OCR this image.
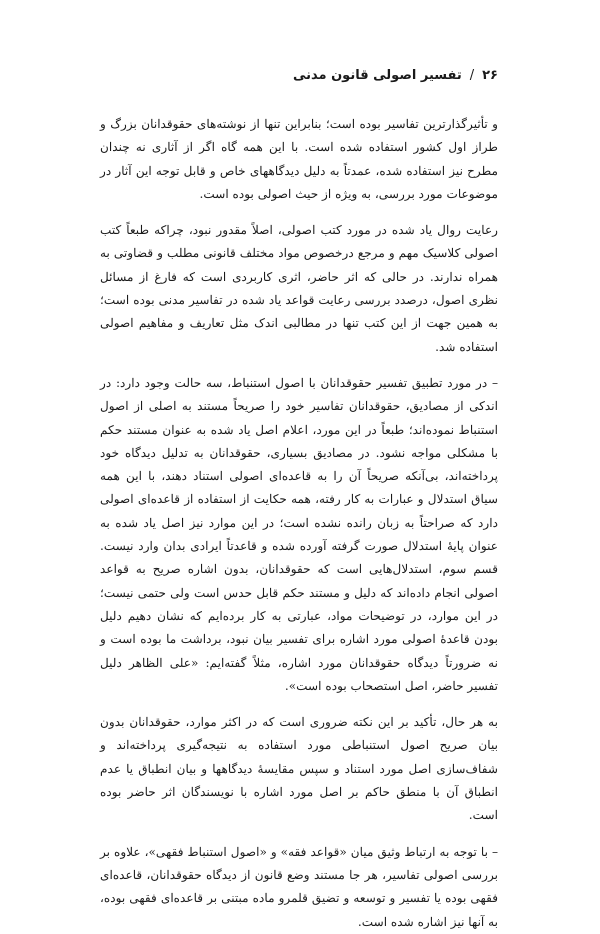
۲۶
/
تفسیر اصولی قانون مدنی

و تأثیرگذارترین تفاسیر بوده است؛ بنابراین تنها از نوشته‌های حقوقدانان بزرگ و طراز اول کشور استفاده شده است. با این همه گاه اگر از آثاری نه چندان مطرح نیز استفاده شده، عمدتاً به دلیل دیدگاههای خاص و قابل توجه این آثار در موضوعات مورد بررسی، به ویژه از حیث اصولی بوده است.

رعایت روال یاد شده در مورد کتب اصولی، اصلاً مقدور نبود، چراکه طبعاً کتب اصولی کلاسیک مهم و مرجع درخصوص مواد مختلف قانونی مطلب و قضاوتی به همراه ندارند. در حالی که اثر حاضر، اثری کاربردی است که فارغ از مسائل نظری اصول، درصدد بررسی رعایت قواعد یاد شده در تفاسیر مدنی بوده است؛ به همین جهت از این کتب تنها در مطالبی اندک مثل تعاریف و مفاهیم اصولی استفاده شد.

– در مورد تطبیق تفسیر حقوقدانان با اصول استنباط، سه حالت وجود دارد: در اندکی از مصادیق، حقوقدانان تفاسیر خود را صریحاً مستند به اصلی از اصول استنباط نموده‌اند؛ طبعاً در این مورد، اعلام اصل یاد شده به عنوان مستند حکم با مشکلی مواجه نشود. در مصادیق بسیاری، حقوقدانان به تدلیل دیدگاه خود پرداخته‌اند، بی‌آنکه صریحاً آن را به قاعده‌ای اصولی استناد دهند، با این همه سیاق استدلال و عبارات به کار رفته، همه حکایت از استفاده از قاعده‌ای اصولی دارد که صراحتاً به زبان رانده نشده است؛ در این موارد نیز اصل یاد شده به عنوان پایهٔ استدلال صورت گرفته آورده شده و قاعدتاً ایرادی بدان وارد نیست. قسم سوم، استدلال‌هایی است که حقوقدانان، بدون اشاره صریح به قواعد اصولی انجام داده‌اند که دلیل و مستند حکم قابل حدس است ولی حتمی نیست؛ در این موارد، در توضیحات مواد، عبارتی به کار برده‌ایم که نشان دهیم دلیل بودن قاعدهٔ اصولی مورد اشاره برای تفسیر بیان نبود، برداشت ما بوده است و نه ضرورتاً دیدگاه حقوقدانان مورد اشاره، مثلاً گفته‌ایم: «علی الظاهر دلیل تفسیر حاضر، اصل استصحاب بوده است».

به هر حال، تأکید بر این نکته ضروری است که در اکثر موارد، حقوقدانان بدون بیان صریح اصول استنباطی مورد استفاده به نتیجه‌گیری پرداخته‌اند و شفاف‌سازی اصل مورد استناد و سپس مقایسهٔ دیدگاهها و بیان انطباق یا عدم انطباق آن با منطق حاکم بر اصل مورد اشاره با نویسندگان اثر حاضر بوده است.

– با توجه به ارتباط وثیق میان «قواعد فقه» و «اصول استنباط فقهی»، علاوه بر بررسی اصولی تفاسیر، هر جا مستند وضع قانون از دیدگاه حقوقدانان، قاعده‌ای فقهی بوده یا تفسیر و توسعه و تضیق قلمرو ماده مبتنی بر قاعده‌ای فقهی بوده، به آنها نیز اشاره شده است.
